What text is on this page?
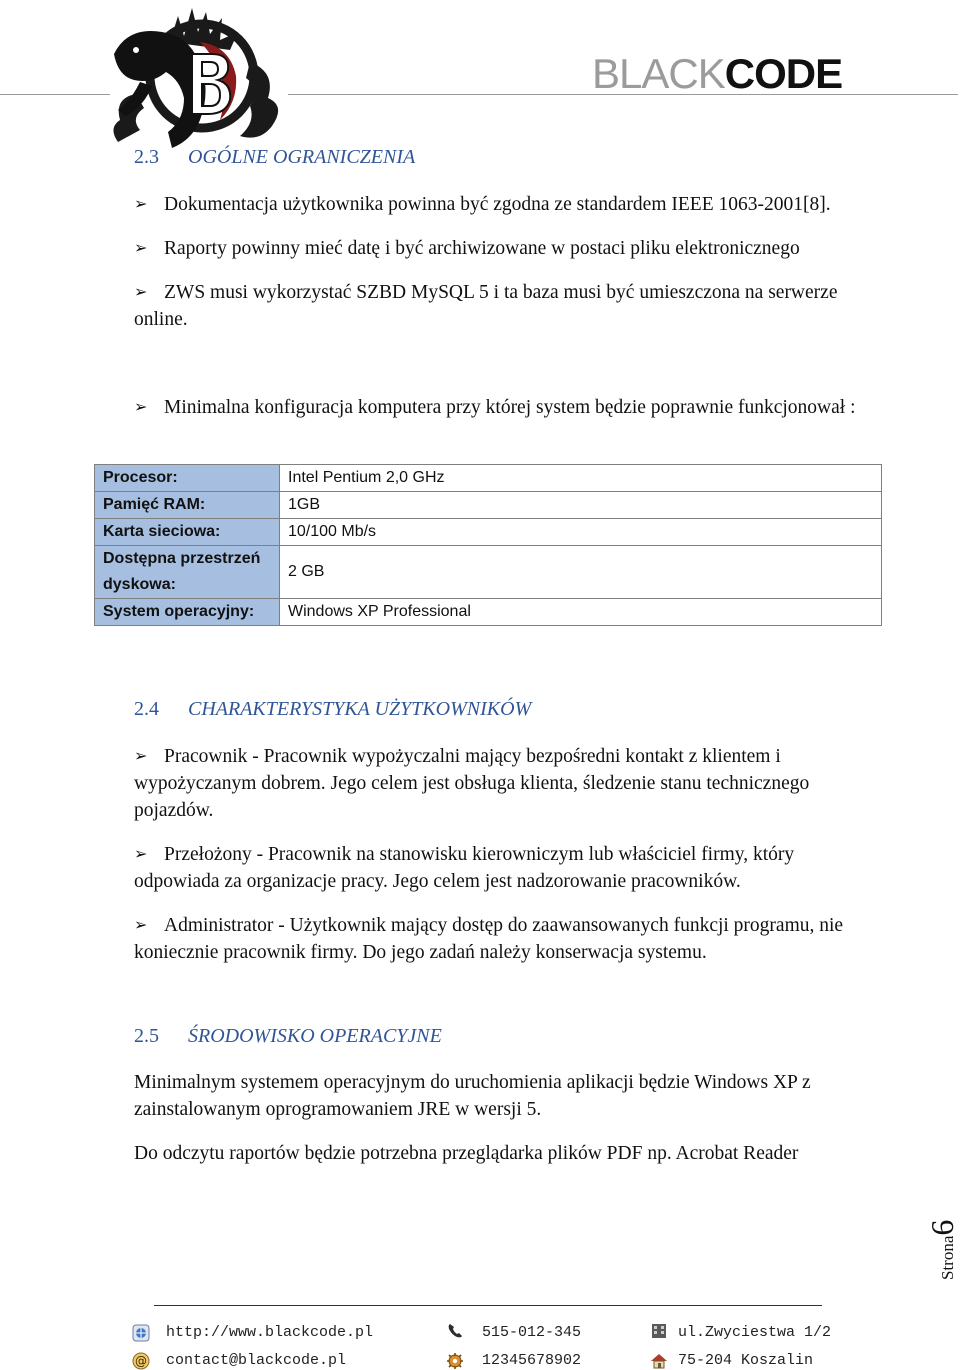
BLACKCODE
2.3 OGÓLNE OGRANICZENIA
➢ Dokumentacja użytkownika powinna być zgodna ze standardem IEEE 1063-2001[8].
➢ Raporty powinny mieć datę i być archiwizowane w postaci pliku elektronicznego
➢ ZWS musi wykorzystać SZBD MySQL 5 i ta baza musi być umieszczona na serwerze online.
➢ Minimalna konfiguracja komputera przy której system będzie poprawnie funkcjonował :
Procesor:	Intel Pentium 2,0 GHz
Pamięć RAM:	1GB
Karta sieciowa:	10/100 Mb/s
Dostępna przestrzeń dyskowa:	2 GB
System operacyjny:	Windows XP Professional
2.4 CHARAKTERYSTYKA UŻYTKOWNIKÓW
➢ Pracownik - Pracownik wypożyczalni mający bezpośredni kontakt z klientem i wypożyczanym dobrem. Jego celem jest obsługa klienta, śledzenie stanu technicznego pojazdów.
➢ Przełożony - Pracownik na stanowisku kierowniczym lub właściciel firmy, który odpowiada za organizacje pracy. Jego celem jest nadzorowanie pracowników.
➢ Administrator - Użytkownik mający dostęp do zaawansowanych funkcji programu, nie koniecznie pracownik firmy. Do jego zadań należy konserwacja systemu.
2.5 ŚRODOWISKO OPERACYJNE
Minimalnym systemem operacyjnym do uruchomienia aplikacji będzie Windows XP z zainstalowanym oprogramowaniem JRE w wersji 5.
Do odczytu raportów będzie potrzebna przeglądarka plików PDF np. Acrobat Reader
Strona6
http://www.blackcode.pl
@ contact@blackcode.pl
515-012-345
12345678902
ul.Zwyciestwa 1/2
75-204 Koszalin
